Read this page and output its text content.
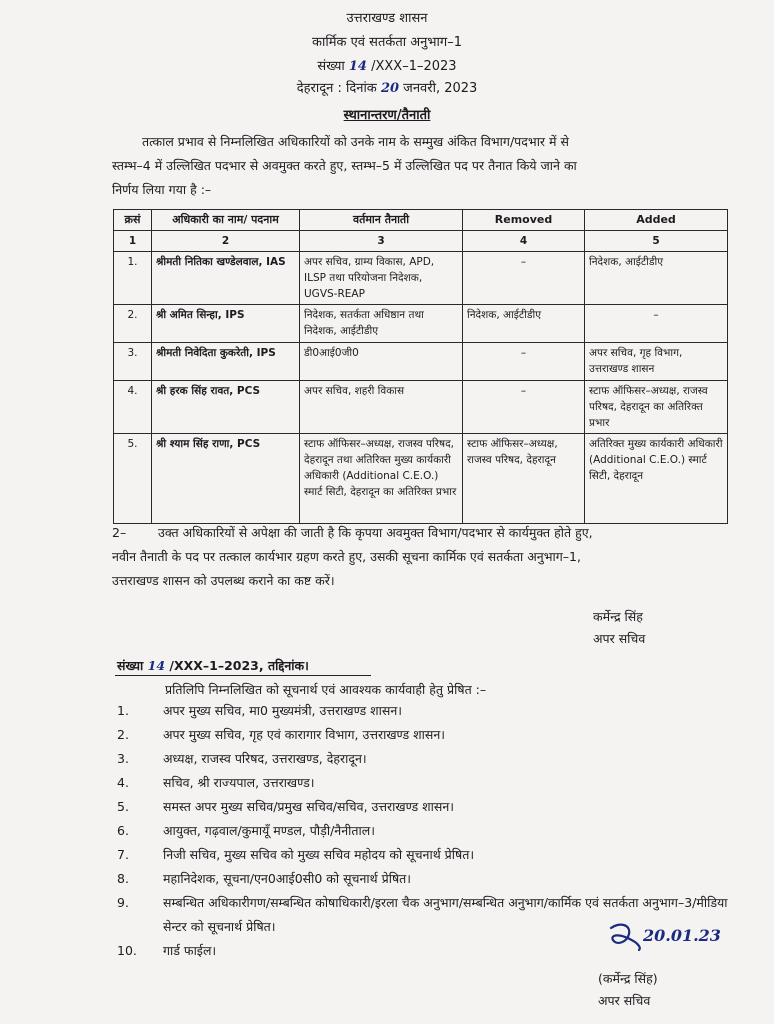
उत्तराखण्ड शासन
कार्मिक एवं सतर्कता अनुभाग–1
संख्या 14 /XXX–1–2023
देहरादून : दिनांक 20 जनवरी, 2023
स्थानान्तरण/तैनाती
तत्काल प्रभाव से निम्नलिखित अधिकारियों को उनके नाम के सम्मुख अंकित विभाग/पदभार में से
स्तम्भ–4 में उल्लिखित पदभार से अवमुक्त करते हुए, स्तम्भ–5 में उल्लिखित पद पर तैनात किये जाने का
निर्णय लिया गया है :–
क्रसं	अधिकारी का नाम/ पदनाम	वर्तमान तैनाती	Removed	Added
1	2	3	4	5
1.	श्रीमती नितिका खण्डेलवाल, IAS	अपर सचिव, ग्राम्य विकास, APD, ILSP तथा परियोजना निदेशक, UGVS-REAP	–	निदेशक, आईटीडीए
2.	श्री अमित सिन्हा, IPS	निदेशक, सतर्कता अधिष्ठान तथा निदेशक, आईटीडीए	निदेशक, आईटीडीए	–
3.	श्रीमती निवेदिता कुकरेती, IPS	डी0आई0जी0	–	अपर सचिव, गृह विभाग, उत्तराखण्ड शासन
4.	श्री हरक सिंह रावत, PCS	अपर सचिव, शहरी विकास	–	स्टाफ ऑफिसर–अध्यक्ष, राजस्व परिषद, देहरादून का अतिरिक्त प्रभार
5.	श्री श्याम सिंह राणा, PCS	स्टाफ ऑफिसर–अध्यक्ष, राजस्व परिषद, देहरादून तथा अतिरिक्त मुख्य कार्यकारी अधिकारी (Additional C.E.O.) स्मार्ट सिटी, देहरादून का अतिरिक्त प्रभार	स्टाफ ऑफिसर–अध्यक्ष, राजस्व परिषद, देहरादून	अतिरिक्त मुख्य कार्यकारी अधिकारी (Additional C.E.O.) स्मार्ट सिटी, देहरादून
2–        उक्त अधिकारियों से अपेक्षा की जाती है कि कृपया अवमुक्त विभाग/पदभार से कार्यमुक्त होते हुए,
नवीन तैनाती के पद पर तत्काल कार्यभार ग्रहण करते हुए, उसकी सूचना कार्मिक एवं सतर्कता अनुभाग–1,
उत्तराखण्ड शासन को उपलब्ध कराने का कष्ट करें।
कर्मेन्द्र सिंह
अपर सचिव
संख्या 14 /XXX–1–2023, तद्दिनांक।
प्रतिलिपि निम्नलिखित को सूचनार्थ एवं आवश्यक कार्यवाही हेतु प्रेषित :–
1.	अपर मुख्य सचिव, मा0 मुख्यमंत्री, उत्तराखण्ड शासन।
2.	अपर मुख्य सचिव, गृह एवं कारागार विभाग, उत्तराखण्ड शासन।
3.	अध्यक्ष, राजस्व परिषद, उत्तराखण्ड, देहरादून।
4.	सचिव, श्री राज्यपाल, उत्तराखण्ड।
5.	समस्त अपर मुख्य सचिव/प्रमुख सचिव/सचिव, उत्तराखण्ड शासन।
6.	आयुक्त, गढ़वाल/कुमायूँ मण्डल, पौड़ी/नैनीताल।
7.	निजी सचिव, मुख्य सचिव को मुख्य सचिव महोदय को सूचनार्थ प्रेषित।
8.	महानिदेशक, सूचना/एन0आई0सी0 को सूचनार्थ प्रेषित।
9.	सम्बन्धित अधिकारीगण/सम्बन्धित कोषाधिकारी/इरला चैक अनुभाग/सम्बन्धित अनुभाग/कार्मिक एवं सतर्कता अनुभाग–3/मीडिया सेन्टर को सूचनार्थ प्रेषित।
10.	गार्ड फाईल।
20.01.23
(कर्मेन्द्र सिंह)
अपर सचिव
